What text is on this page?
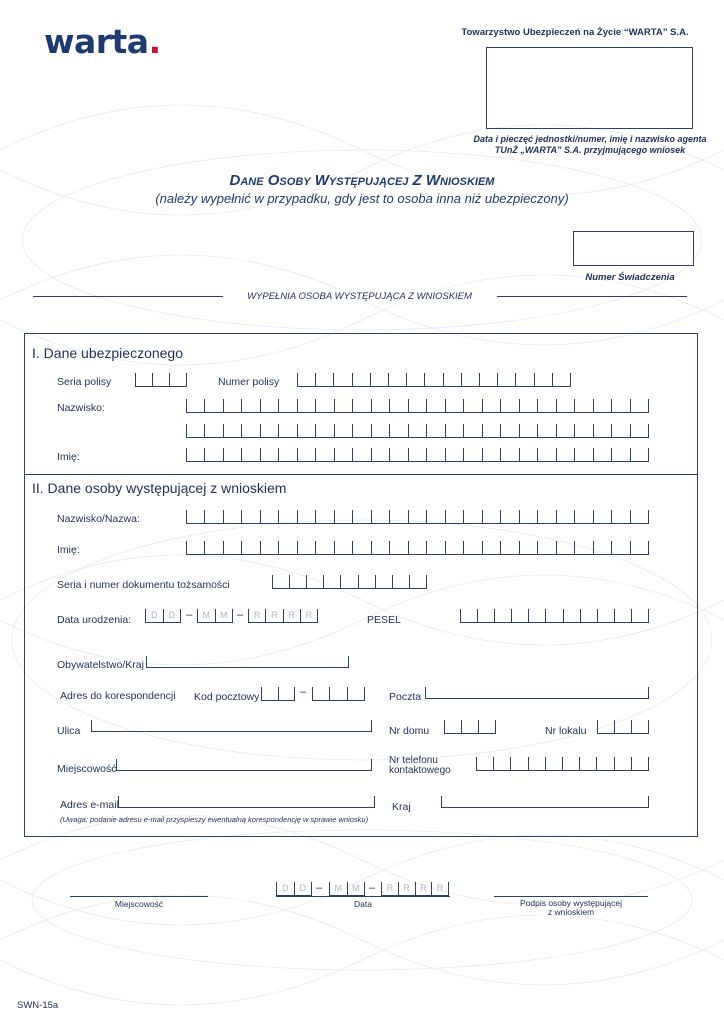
warta.	Towarzystwo Ubezpieczeń na Życie “WARTA” S.A.
Data i pieczęć jednostki/numer, imię i nazwisko agenta
TUnŻ „WARTA” S.A. przyjmującego wniosek
Dane Osoby Występującej Z Wnioskiem
(należy wypełnić w przypadku, gdy jest to osoba inna niż ubezpieczony)
Numer Świadczenia
WYPEŁNIA OSOBA WYSTĘPUJĄCA Z WNIOSKIEM
I. Dane ubezpieczonego
Seria polisy	Numer polisy
Nazwisko:
Imię:
II. Dane osoby występującej z wnioskiem
Nazwisko/Nazwa:
Imię:
Seria i numer dokumentu tożsamości
Data urodzenia:	D	D	–	M	M –	R	R	R	R	PESEL
Obywatelstwo/Kraj
Adres do korespondencji Kod pocztowy	–	Poczta
Ulica	Nr domu	Nr lokalu
Miejscowość
Nr telefonu
kontaktowego
Adres e-mail	Kraj
(Uwaga: podanie adresu e-mail przyspieszy ewentualną korespondencję w sprawie wniosku)
Miejscowość
D	D –	M	M –	R	R	R	R
Data	Podpis osoby występującej
z wnioskiem
SWN-15a
